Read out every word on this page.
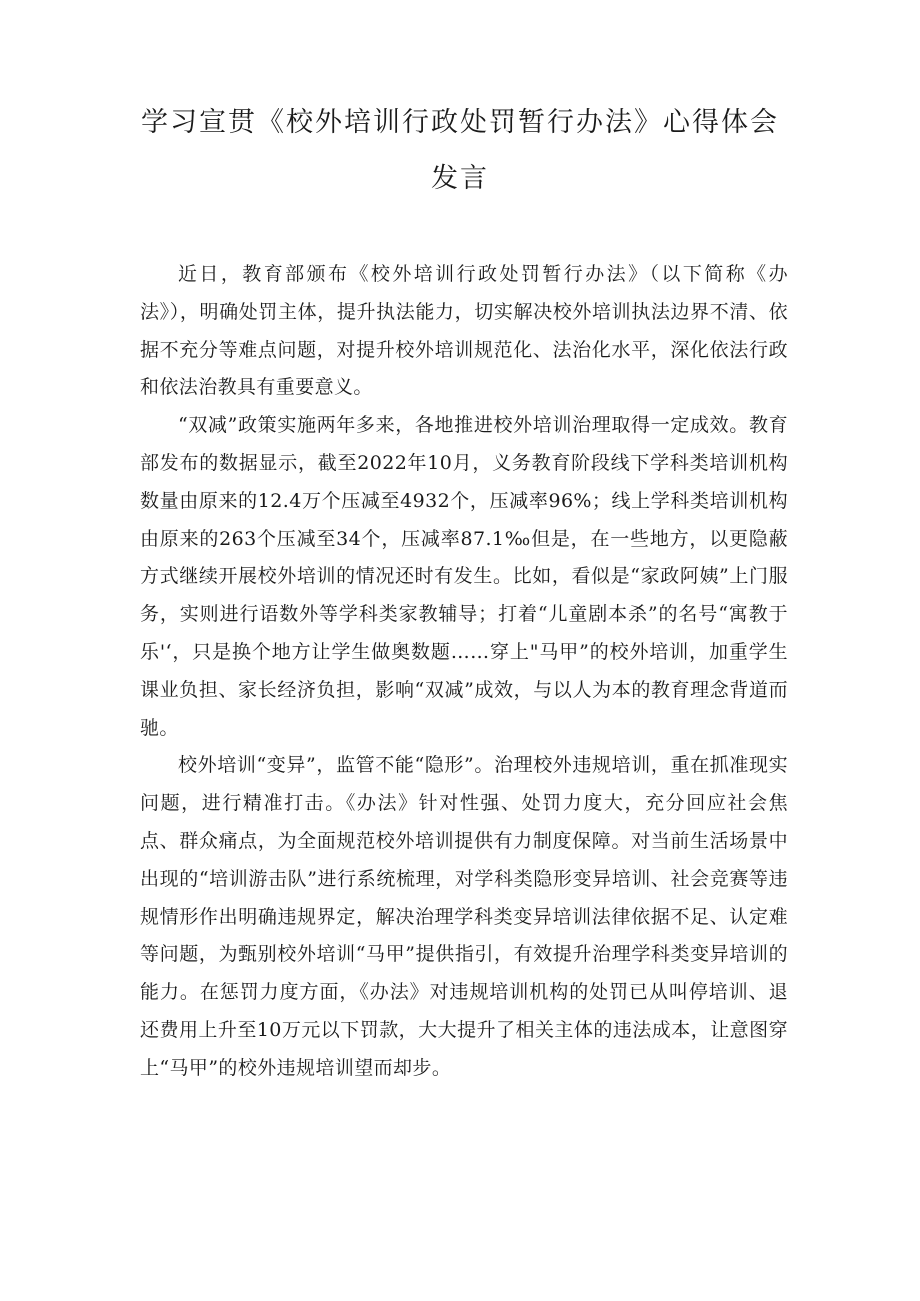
学习宣贯《校外培训行政处罚暂行办法》心得体会
发言

近日，教育部颁布《校外培训行政处罚暂行办法》（以下简称《办法》），明确处罚主体，提升执法能力，切实解决校外培训执法边界不清、依据不充分等难点问题，对提升校外培训规范化、法治化水平，深化依法行政和依法治教具有重要意义。

“双减”政策实施两年多来，各地推进校外培训治理取得一定成效。教育部发布的数据显示，截至2022年10月，义务教育阶段线下学科类培训机构数量由原来的12.4万个压减至4932个，压减率96%；线上学科类培训机构由原来的263个压减至34个，压减率87.1‰但是，在一些地方，以更隐蔽方式继续开展校外培训的情况还时有发生。比如，看似是“家政阿姨”上门服务，实则进行语数外等学科类家教辅导；打着“儿童剧本杀”的名号“寓教于乐'‘，只是换个地方让学生做奥数题……穿上"马甲”的校外培训，加重学生课业负担、家长经济负担，影响“双减”成效，与以人为本的教育理念背道而驰。

校外培训“变异”，监管不能“隐形”。治理校外违规培训，重在抓准现实问题，进行精准打击。《办法》针对性强、处罚力度大，充分回应社会焦点、群众痛点，为全面规范校外培训提供有力制度保障。对当前生活场景中出现的“培训游击队”进行系统梳理，对学科类隐形变异培训、社会竞赛等违规情形作出明确违规界定，解决治理学科类变异培训法律依据不足、认定难等问题，为甄别校外培训“马甲”提供指引，有效提升治理学科类变异培训的能力。在惩罚力度方面，《办法》对违规培训机构的处罚已从叫停培训、退还费用上升至10万元以下罚款，大大提升了相关主体的违法成本，让意图穿上“马甲”的校外违规培训望而却步。
